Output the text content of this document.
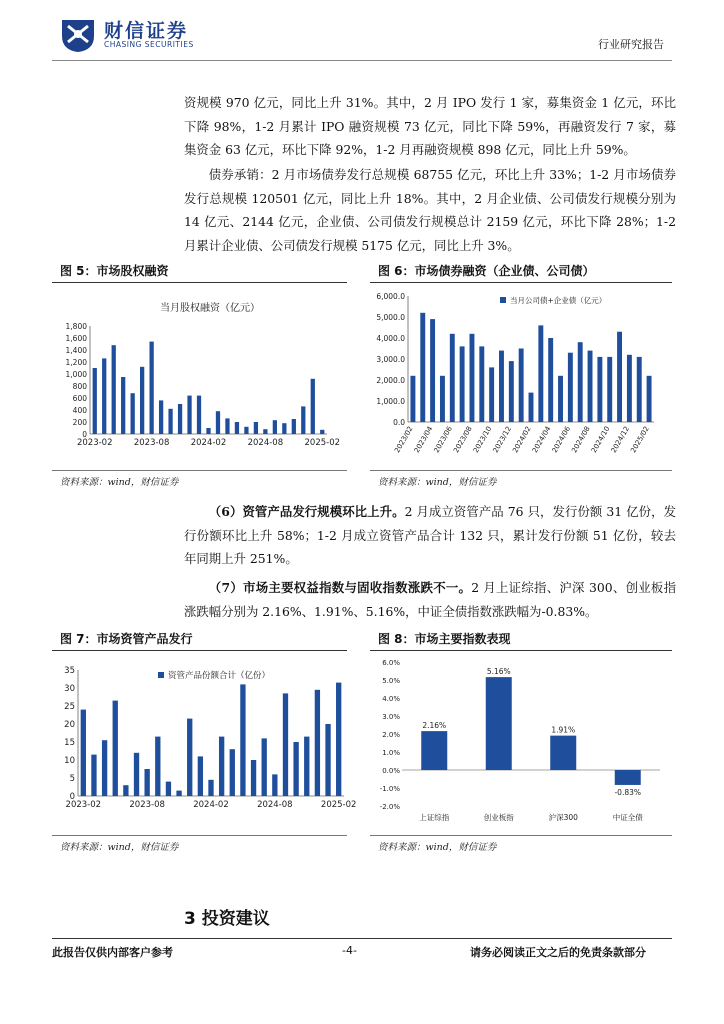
财信证券
CHASING SECURITIES	行业研究报告
资规模 970 亿元，同比上升 31%。其中，2 月 IPO 发行 1 家，募集资金 1 亿元，环比下降 98%，1-2 月累计 IPO 融资规模 73 亿元，同比下降 59%，再融资发行 7 家，募集资金 63 亿元，环比下降 92%，1-2 月再融资规模 898 亿元，同比上升 59%。
债券承销：2 月市场债券发行总规模 68755 亿元，环比上升 33%；1-2 月市场债券发行总规模 120501 亿元，同比上升 18%。其中，2 月企业债、公司债发行规模分别为 14 亿元、2144 亿元，企业债、公司债发行规模总计 2159 亿元，环比下降 28%；1-2 月累计企业债、公司债发行规模 5175 亿元，同比上升 3%。
图 5：市场股权融资	图 6：市场债券融资（企业债、公司债）
0
200
400
600
800
1,000
1,200
1,400
1,600
1,800
2023-02	2023-08	2024-02	2024-08	2025-02
当月股权融资（亿元）
0.0
1,000.0
2,000.0
3,000.0
4,000.0
5,000.0
6,000.0
2023/02
2023/04
2023/06
2023/08
2023/10
2023/12
2024/02
2024/04
2024/06
2024/08
2024/10
2024/12
2025/02
当月公司债+企业债（亿元）
资料来源：wind，财信证券	资料来源：wind，财信证券
（6）资管产品发行规模环比上升。2 月成立资管产品 76 只，发行份额 31 亿份，发行份额环比上升 58%；1-2 月成立资管产品合计 132 只，累计发行份额 51 亿份，较去年同期上升 251%。
（7）市场主要权益指数与固收指数涨跌不一。2 月上证综指、沪深 300、创业板指涨跌幅分别为 2.16%、1.91%、5.16%，中证全债指数涨跌幅为-0.83%。
图 7：市场资管产品发行	图 8：市场主要指数表现
0
5
10
15
20
25
30
35
2023-02	2023-08	2024-02	2024-08	2025-02
资管产品份额合计（亿份）
-2.0%
-1.0%
0.0%
1.0%
2.0%
3.0%
4.0%
5.0%
6.0%
2.16%
上证综指
5.16%
创业板指
1.91%
沪深300
-0.83%
中证全债
资料来源：wind，财信证券	资料来源：wind，财信证券
3 投资建议
此报告仅供内部客户参考	-4-	请务必阅读正文之后的免责条款部分
